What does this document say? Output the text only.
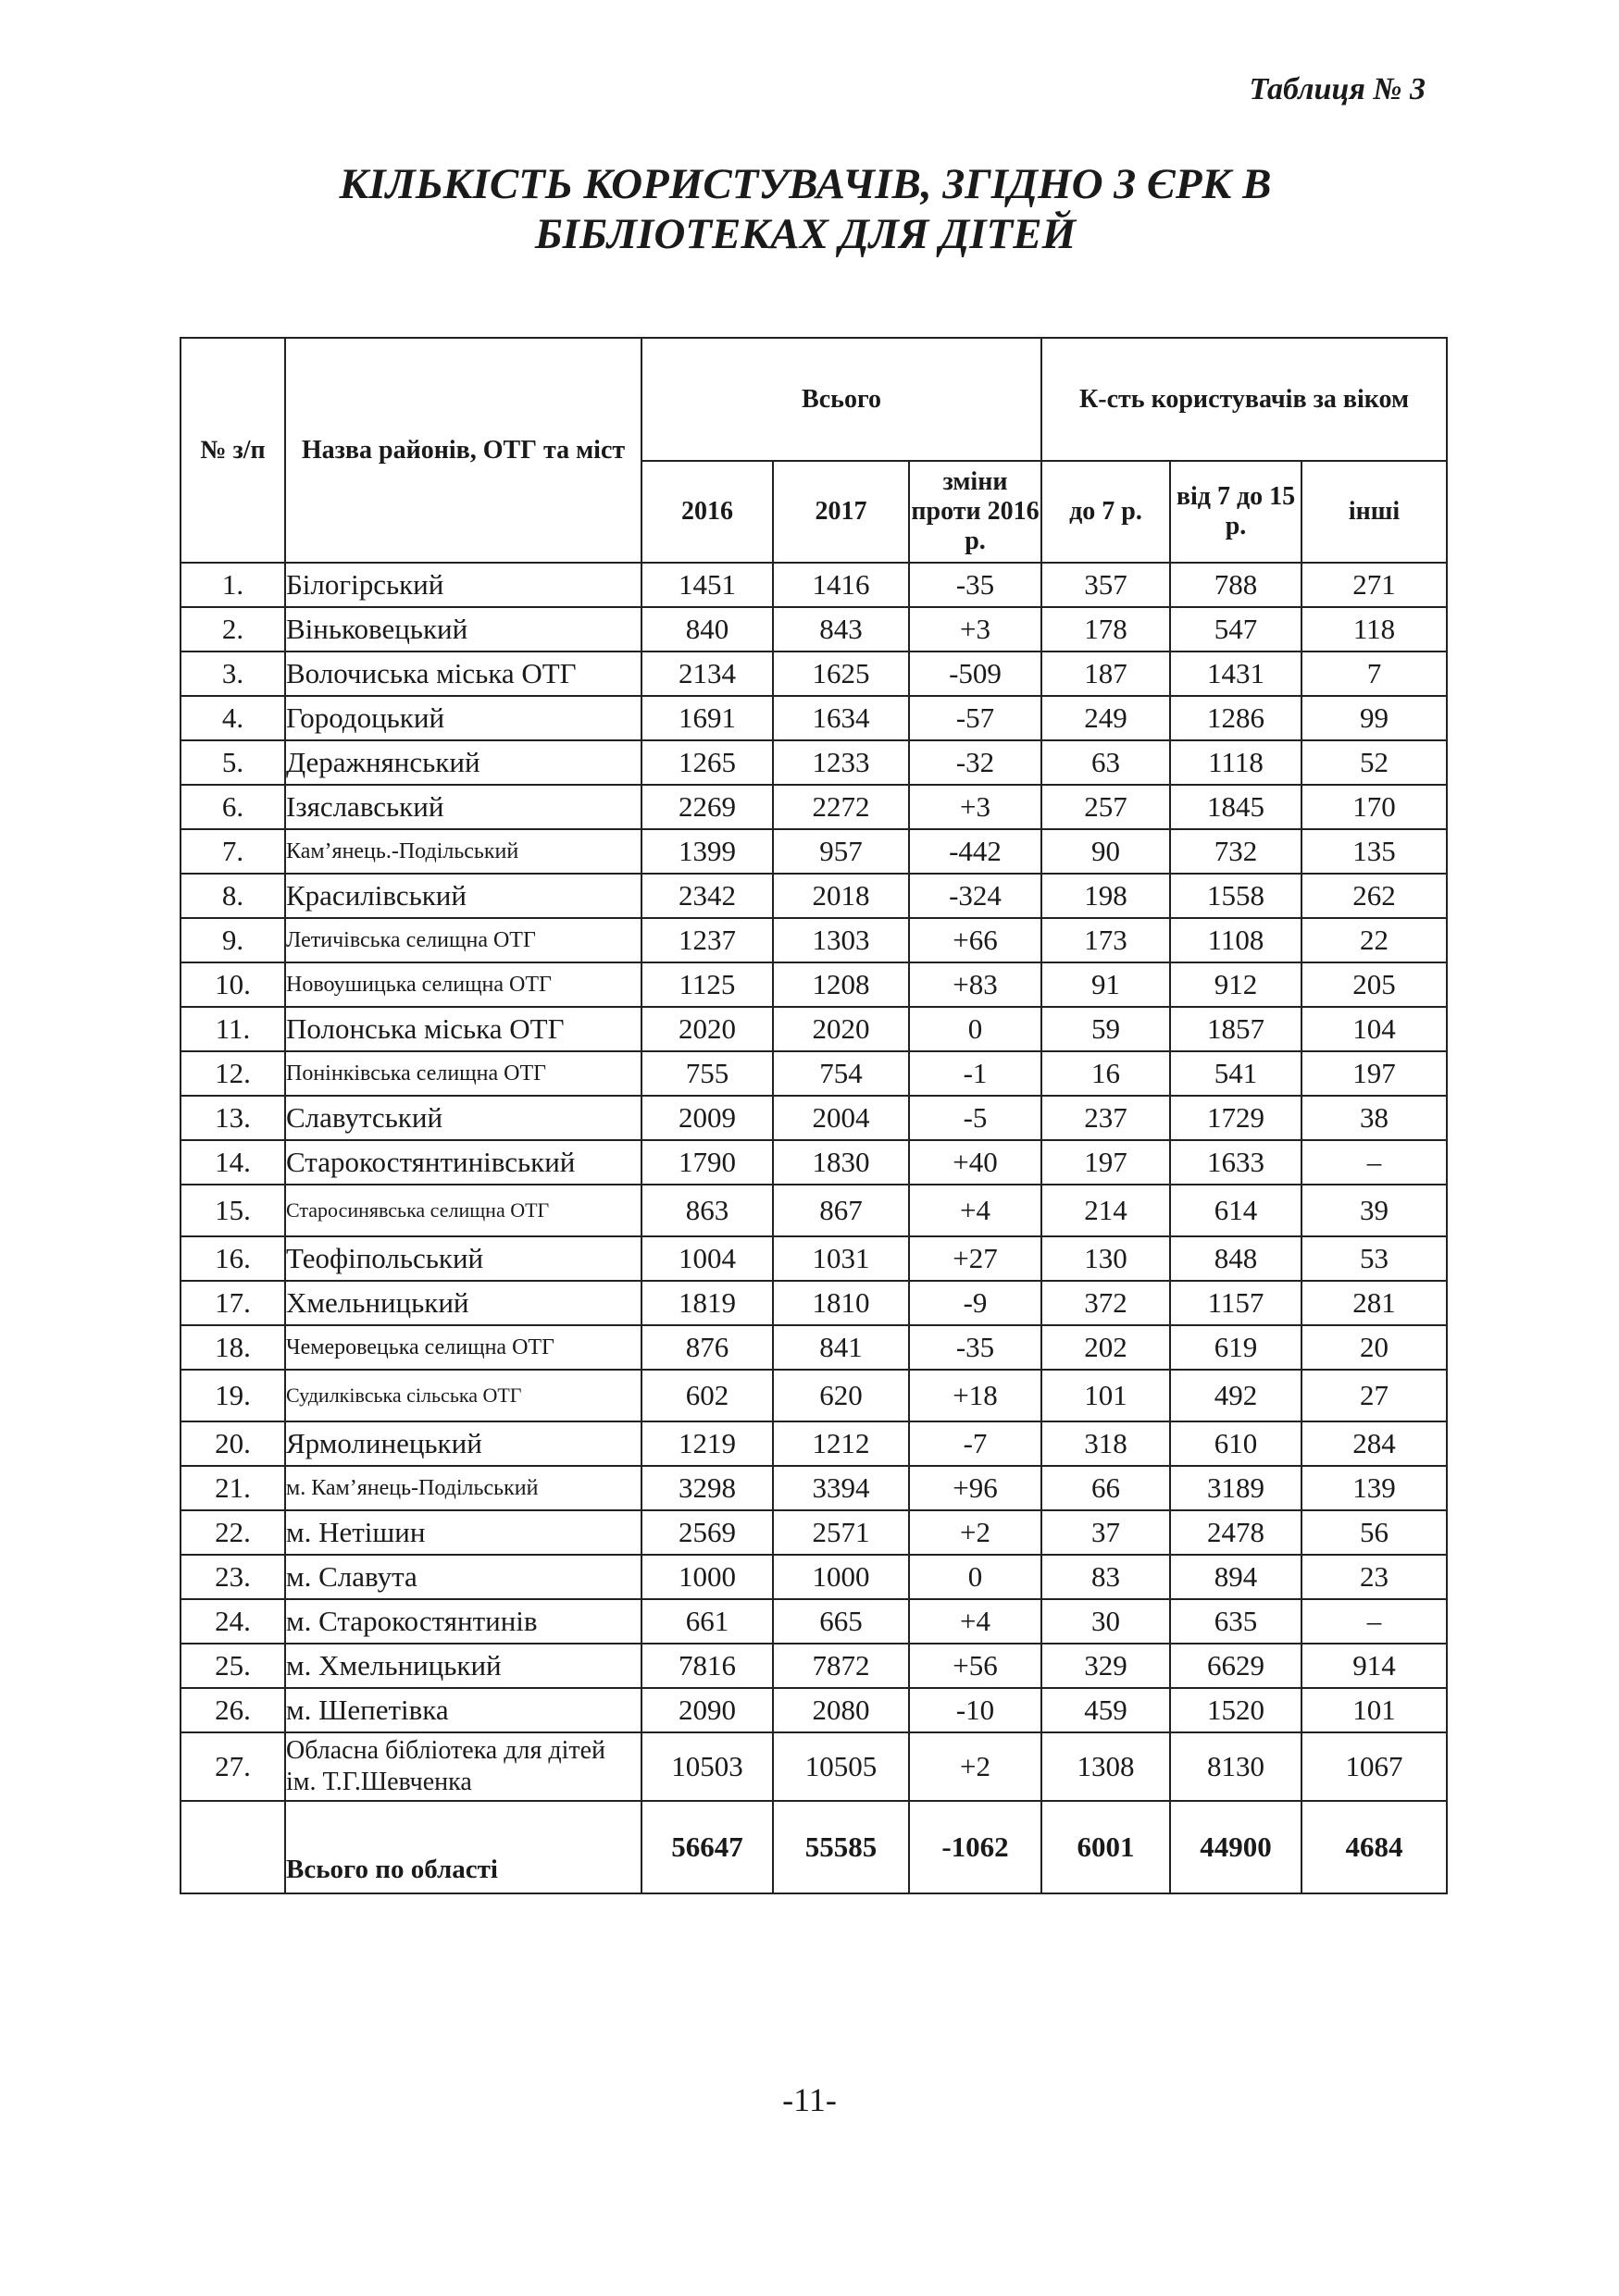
Таблиця № 3
КІЛЬКІСТЬ КОРИСТУВАЧІВ, ЗГІДНО З ЄРК В
БІБЛІОТЕКАХ ДЛЯ ДІТЕЙ
№ з/п	Назва районів, ОТГ та міст	Всього			К-сть користувачів за віком		
		2016	2017	зміни проти 2016 р.	до 7 р.	від 7 до 15 р.	інші
1.	Білогірський	1451	1416	-35	357	788	271
2.	Віньковецький	840	843	+3	178	547	118
3.	Волочиська міська ОТГ	2134	1625	-509	187	1431	7
4.	Городоцький	1691	1634	-57	249	1286	99
5.	Деражнянський	1265	1233	-32	63	1118	52
6.	Ізяславський	2269	2272	+3	257	1845	170
7.	Кам’янець.-Подільський	1399	957	-442	90	732	135
8.	Красилівський	2342	2018	-324	198	1558	262
9.	Летичівська селищна ОТГ	1237	1303	+66	173	1108	22
10.	Новоушицька селищна ОТГ	1125	1208	+83	91	912	205
11.	Полонська міська ОТГ	2020	2020	0	59	1857	104
12.	Понінківська селищна ОТГ	755	754	-1	16	541	197
13.	Славутський	2009	2004	-5	237	1729	38
14.	Старокостянтинівський	1790	1830	+40	197	1633	–
15.	Старосинявська селищна ОТГ	863	867	+4	214	614	39
16.	Теофіпольський	1004	1031	+27	130	848	53
17.	Хмельницький	1819	1810	-9	372	1157	281
18.	Чемеровецька селищна ОТГ	876	841	-35	202	619	20
19.	Судилківська сільська ОТГ	602	620	+18	101	492	27
20.	Ярмолинецький	1219	1212	-7	318	610	284
21.	м. Кам’янець-Подільський	3298	3394	+96	66	3189	139
22.	м. Нетішин	2569	2571	+2	37	2478	56
23.	м. Славута	1000	1000	0	83	894	23
24.	м. Старокостянтинів	661	665	+4	30	635	–
25.	м. Хмельницький	7816	7872	+56	329	6629	914
26.	м. Шепетівка	2090	2080	-10	459	1520	101
27.	Обласна бібліотека для дітей ім. Т.Г.Шевченка	10503	10505	+2	1308	8130	1067
	Всього по області	56647	55585	-1062	6001	44900	4684
-11-
